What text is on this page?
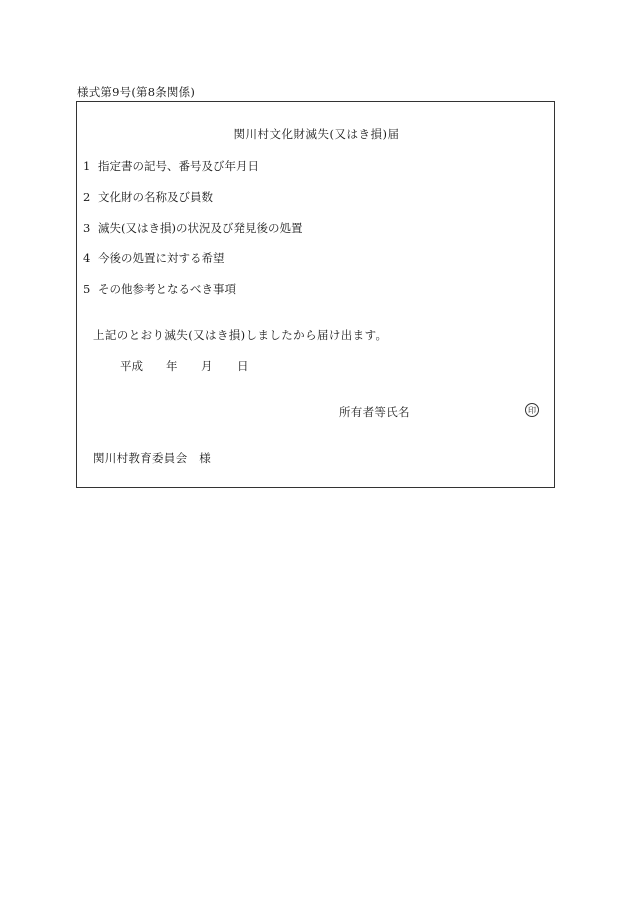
様式第9号(第8条関係)
関川村文化財滅失(又はき損)届
1 指定書の記号、番号及び年月日
2 文化財の名称及び員数
3 滅失(又はき損)の状況及び発見後の処置
4 今後の処置に対する希望
5 その他参考となるべき事項
上記のとおり滅失(又はき損)しましたから届け出ます。
平成 年 月 日
所有者等氏名	印
関川村教育委員会　様
